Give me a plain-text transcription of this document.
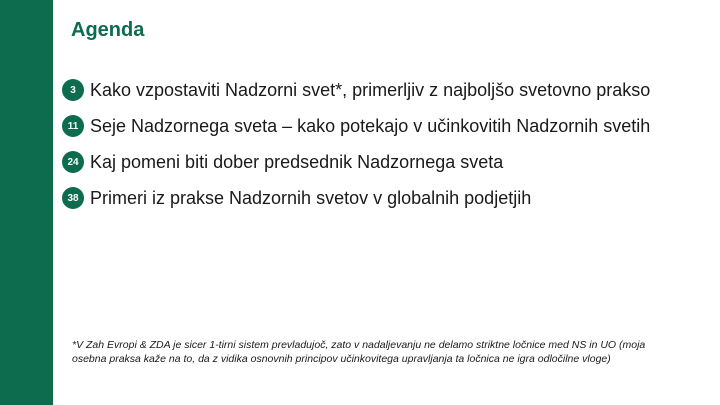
Agenda
3 Kako vzpostaviti Nadzorni svet*, primerljiv z najboljšo svetovno prakso
11 Seje Nadzornega sveta – kako potekajo v učinkovitih Nadzornih svetih
24 Kaj pomeni biti dober predsednik Nadzornega sveta
38 Primeri iz prakse Nadzornih svetov v globalnih podjetjih
*V Zah Evropi & ZDA je sicer 1-tirni sistem prevladujoč, zato v nadaljevanju ne delamo striktne ločnice med NS in UO (moja osebna praksa kaže na to, da z vidika osnovnih principov učinkovitega upravljanja ta ločnica ne igra odločilne vloge)
